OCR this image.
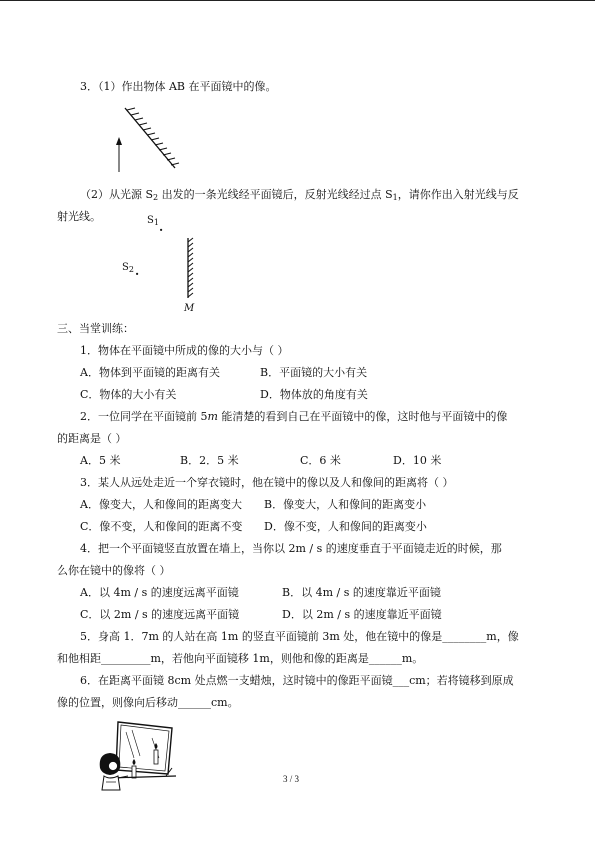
3．（1）作出物体 AB 在平面镜中的像。
（2）从光源 $S_2$ 出发的一条光线经平面镜后，反射光线经过点 $S_1$，请你作出入射光线与反
射光线。	$S_1$ .
$S_2$ .
M
三、当堂训练：
1．物体在平面镜中所成的像的大小与（ ）
A．物体到平面镜的距离有关	B．平面镜的大小有关
C．物体的大小有关	D．物体放的角度有关
2．一位同学在平面镜前 5m 能清楚的看到自己在平面镜中的像，这时他与平面镜中的像
的距离是（ ）
A．5 米	B．2．5 米	C．6 米	D．10 米
3．某人从远处走近一个穿衣镜时，他在镜中的像以及人和像间的距离将（ ）
A．像变大，人和像间的距离变大 B．像变大，人和像间的距离变小
C．像不变，人和像间的距离不变 D．像不变，人和像间的距离变小
4．把一个平面镜竖直放置在墙上，当你以 2m / s 的速度垂直于平面镜走近的时候，那
么你在镜中的像将（ ）
A．以 4m / s 的速度远离平面镜	B．以 4m / s 的速度靠近平面镜
C．以 2m / s 的速度远离平面镜	D．以 2m / s 的速度靠近平面镜
5．身高 1．7m 的人站在高 1m 的竖直平面镜前 3m 处，他在镜中的像是________m，像
和他相距_________m，若他向平面镜移 1m，则他和像的距离是______m。
6．在距离平面镜 8cm 处点燃一支蜡烛，这时镜中的像距平面镜___cm；若将镜移到原成
像的位置，则像向后移动______cm。
3 / 3
